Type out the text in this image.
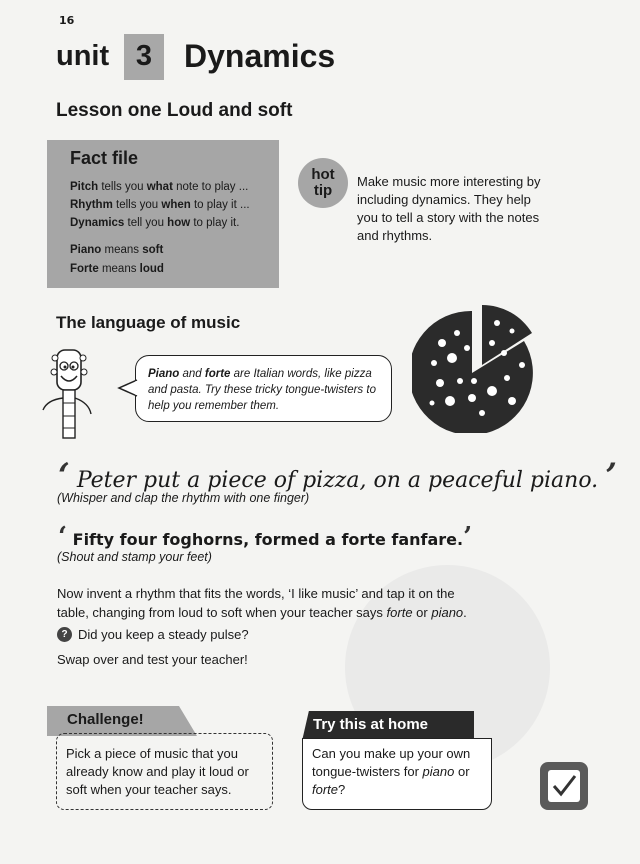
16
unit 3 Dynamics
Lesson one Loud and soft
Fact file
Pitch tells you what note to play ...
Rhythm tells you when to play it ...
Dynamics tell you how to play it.
Piano means soft
Forte means loud
hot
tip
Make music more interesting by including dynamics. They help you to tell a story with the notes and rhythms.
The language of music
Piano and forte are Italian words, like pizza and pasta. Try these tricky tongue-twisters to help you remember them.
‘ Peter put a piece of pizza, on a peaceful piano. ’
(Whisper and clap the rhythm with one finger)
‘ Fifty four foghorns, formed a forte fanfare.’
(Shout and stamp your feet)
Now invent a rhythm that fits the words, ‘I like music’ and tap it on the
table, changing from loud to soft when your teacher says forte or piano.
? Did you keep a steady pulse?
Swap over and test your teacher!
Challenge!
Pick a piece of music that you already know and play it loud or soft when your teacher says.
Try this at home
Can you make up your own tongue-twisters for piano or forte?
